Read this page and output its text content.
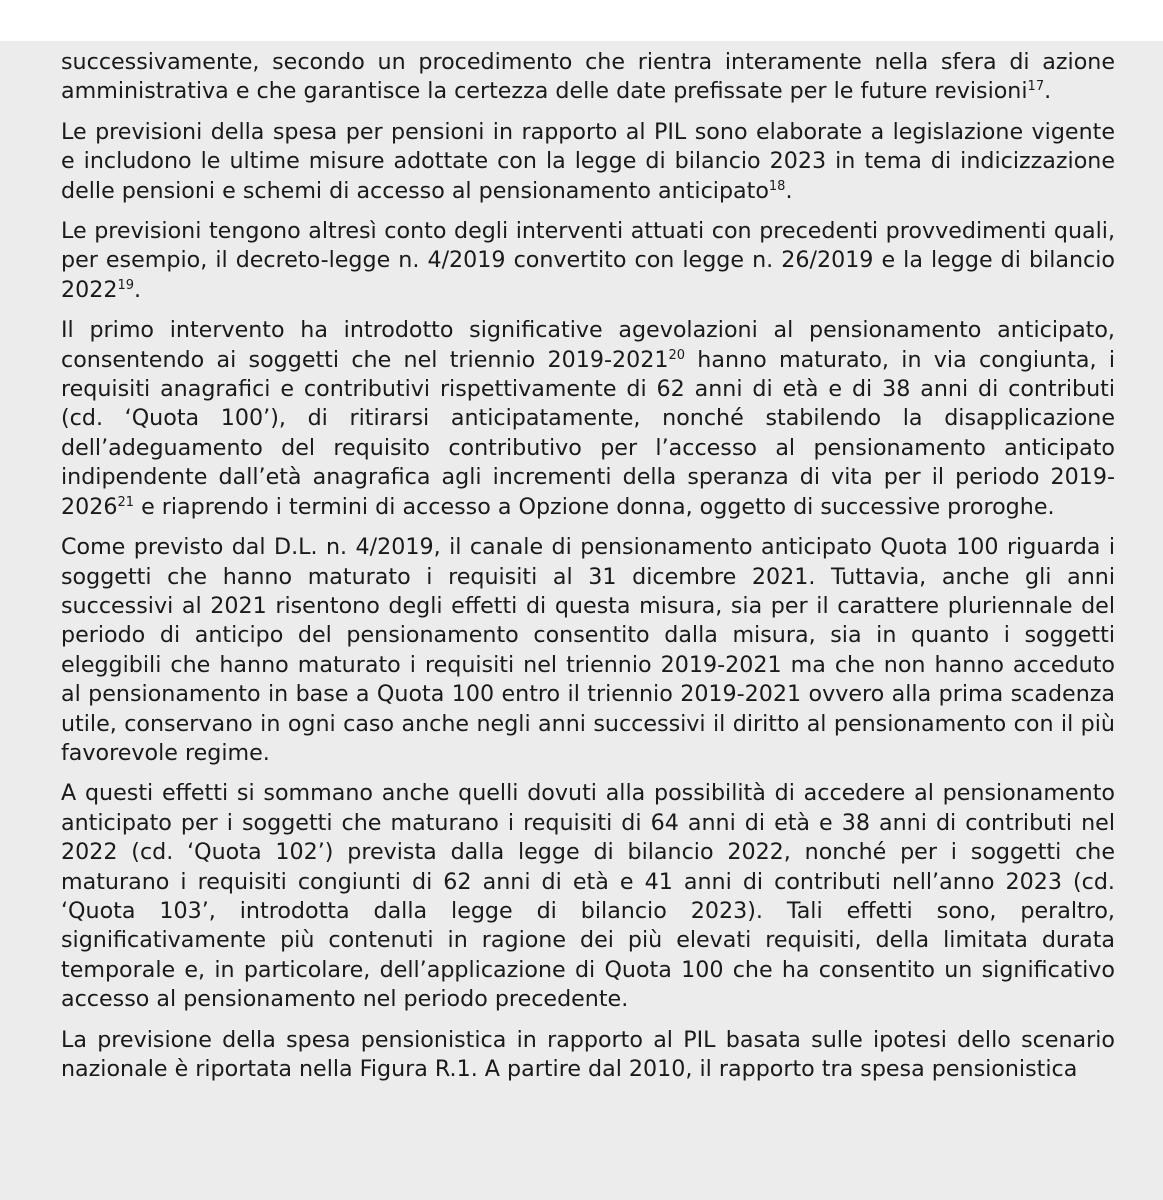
successivamente, secondo un procedimento che rientra interamente nella sfera di azione amministrativa e che garantisce la certezza delle date prefissate per le future revisioni$^{17}$.

Le previsioni della spesa per pensioni in rapporto al PIL sono elaborate a legislazione vigente e includono le ultime misure adottate con la legge di bilancio 2023 in tema di indicizzazione delle pensioni e schemi di accesso al pensionamento anticipato$^{18}$.

Le previsioni tengono altresì conto degli interventi attuati con precedenti provvedimenti quali, per esempio, il decreto-legge n. 4/2019 convertito con legge n. 26/2019 e la legge di bilancio 2022$^{19}$.

Il primo intervento ha introdotto significative agevolazioni al pensionamento anticipato, consentendo ai soggetti che nel triennio 2019-2021$^{20}$ hanno maturato, in via congiunta, i requisiti anagrafici e contributivi rispettivamente di 62 anni di età e di 38 anni di contributi (cd. ‘Quota 100’), di ritirarsi anticipatamente, nonché stabilendo la disapplicazione dell’adeguamento del requisito contributivo per l’accesso al pensionamento anticipato indipendente dall’età anagrafica agli incrementi della speranza di vita per il periodo 2019-2026$^{21}$ e riaprendo i termini di accesso a Opzione donna, oggetto di successive proroghe.

Come previsto dal D.L. n. 4/2019, il canale di pensionamento anticipato Quota 100 riguarda i soggetti che hanno maturato i requisiti al 31 dicembre 2021. Tuttavia, anche gli anni successivi al 2021 risentono degli effetti di questa misura, sia per il carattere pluriennale del periodo di anticipo del pensionamento consentito dalla misura, sia in quanto i soggetti eleggibili che hanno maturato i requisiti nel triennio 2019-2021 ma che non hanno acceduto al pensionamento in base a Quota 100 entro il triennio 2019-2021 ovvero alla prima scadenza utile, conservano in ogni caso anche negli anni successivi il diritto al pensionamento con il più favorevole regime.

A questi effetti si sommano anche quelli dovuti alla possibilità di accedere al pensionamento anticipato per i soggetti che maturano i requisiti di 64 anni di età e 38 anni di contributi nel 2022 (cd. ‘Quota 102’) prevista dalla legge di bilancio 2022, nonché per i soggetti che maturano i requisiti congiunti di 62 anni di età e 41 anni di contributi nell’anno 2023 (cd. ‘Quota 103’, introdotta dalla legge di bilancio 2023). Tali effetti sono, peraltro, significativamente più contenuti in ragione dei più elevati requisiti, della limitata durata temporale e, in particolare, dell’applicazione di Quota 100 che ha consentito un significativo accesso al pensionamento nel periodo precedente.

La previsione della spesa pensionistica in rapporto al PIL basata sulle ipotesi dello scenario nazionale è riportata nella Figura R.1. A partire dal 2010, il rapporto tra spesa pensionistica
